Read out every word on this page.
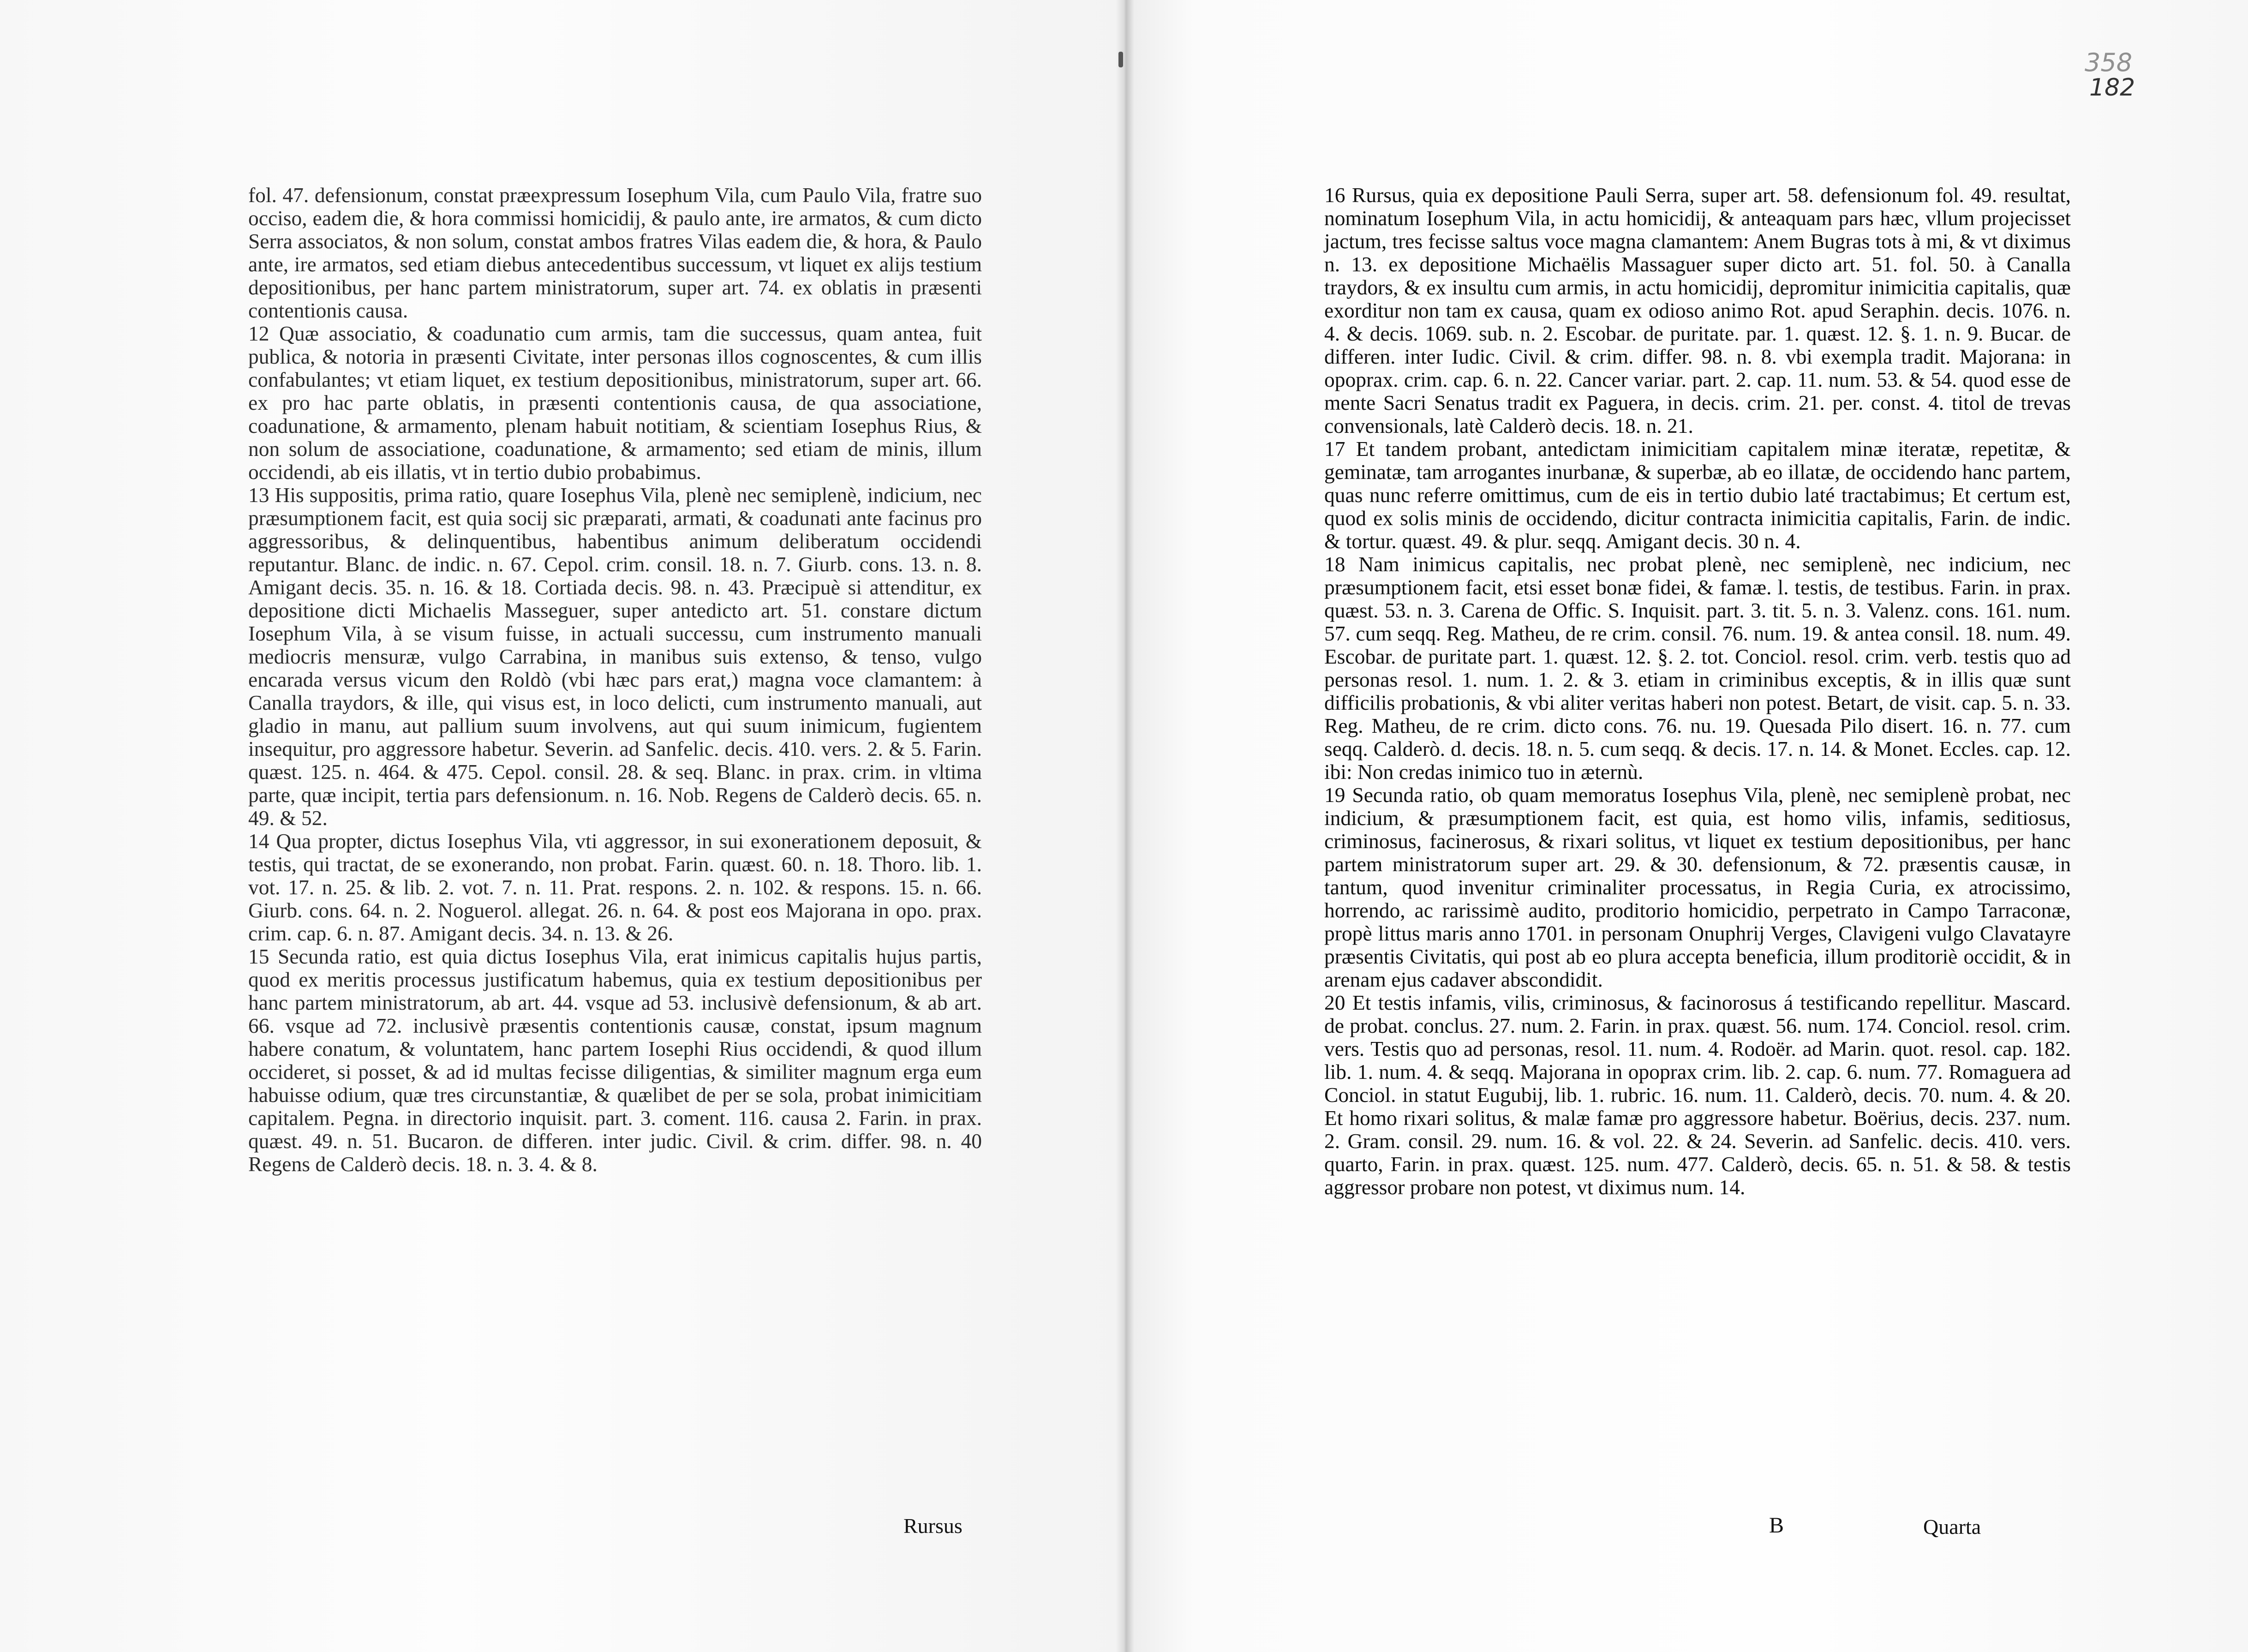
fol. 47. defensionum, constat præexpressum Iosephum Vila, cum Paulo Vila, fratre suo occiso, eadem die, & hora commissi homicidij, & paulo ante, ire armatos, & cum dicto Serra associatos, & non solum, constat ambos fratres Vilas eadem die, & hora, & Paulo ante, ire armatos, sed etiam diebus antecedentibus successum, vt liquet ex alijs testium depositionibus, per hanc partem ministratorum, super art. 74. ex oblatis in præsenti contentionis causa.

12 Quæ associatio, & coadunatio cum armis, tam die successus, quam antea, fuit publica, & notoria in præsenti Civitate, inter personas illos cognoscentes, & cum illis confabulantes; vt etiam liquet, ex testium depositionibus, ministratorum, super art. 66. ex pro hac parte oblatis, in præsenti contentionis causa, de qua associatione, coadunatione, & armamento, plenam habuit notitiam, & scientiam Iosephus Rius, & non solum de associatione, coadunatione, & armamento; sed etiam de minis, illum occidendi, ab eis illatis, vt in tertio dubio probabimus.

13 His suppositis, prima ratio, quare Iosephus Vila, plenè nec semiplenè, indicium, nec præsumptionem facit, est quia socij sic præparati, armati, & coadunati ante facinus pro aggressoribus, & delinquentibus, habentibus animum deliberatum occidendi reputantur. Blanc. de indic. n. 67. Cepol. crim. consil. 18. n. 7. Giurb. cons. 13. n. 8. Amigant decis. 35. n. 16. & 18. Cortiada decis. 98. n. 43. Præcipuè si attenditur, ex depositione dicti Michaelis Masseguer, super antedicto art. 51. constare dictum Iosephum Vila, à se visum fuisse, in actuali successu, cum instrumento manuali mediocris mensuræ, vulgo Carrabina, in manibus suis extenso, & tenso, vulgo encarada versus vicum den Roldò (vbi hæc pars erat,) magna voce clamantem: à Canalla traydors, & ille, qui visus est, in loco delicti, cum instrumento manuali, aut gladio in manu, aut pallium suum involvens, aut qui suum inimicum, fugientem insequitur, pro aggressore habetur. Severin. ad Sanfelic. decis. 410. vers. 2. & 5. Farin. quæst. 125. n. 464. & 475. Cepol. consil. 28. & seq. Blanc. in prax. crim. in vltima parte, quæ incipit, tertia pars defensionum. n. 16. Nob. Regens de Calderò decis. 65. n. 49. & 52.

14 Qua propter, dictus Iosephus Vila, vti aggressor, in sui exonerationem deposuit, & testis, qui tractat, de se exonerando, non probat. Farin. quæst. 60. n. 18. Thoro. lib. 1. vot. 17. n. 25. & lib. 2. vot. 7. n. 11. Prat. respons. 2. n. 102. & respons. 15. n. 66. Giurb. cons. 64. n. 2. Noguerol. allegat. 26. n. 64. & post eos Majorana in opo. prax. crim. cap. 6. n. 87. Amigant decis. 34. n. 13. & 26.

15 Secunda ratio, est quia dictus Iosephus Vila, erat inimicus capitalis hujus partis, quod ex meritis processus justificatum habemus, quia ex testium depositionibus per hanc partem ministratorum, ab art. 44. vsque ad 53. inclusivè defensionum, & ab art. 66. vsque ad 72. inclusivè præsentis contentionis causæ, constat, ipsum magnum habere conatum, & voluntatem, hanc partem Iosephi Rius occidendi, & quod illum occideret, si posset, & ad id multas fecisse diligentias, & similiter magnum erga eum habuisse odium, quæ tres circunstantiæ, & quælibet de per se sola, probat inimicitiam capitalem. Pegna. in directorio inquisit. part. 3. coment. 116. causa 2. Farin. in prax. quæst. 49. n. 51. Bucaron. de differen. inter judic. Civil. & crim. differ. 98. n. 40 Regens de Calderò decis. 18. n. 3. 4. & 8.

Rursus
358
182

16 Rursus, quia ex depositione Pauli Serra, super art. 58. defensionum fol. 49. resultat, nominatum Iosephum Vila, in actu homicidij, & anteaquam pars hæc, vllum projecisset jactum, tres fecisse saltus voce magna clamantem: Anem Bugras tots à mi, & vt diximus n. 13. ex depositione Michaëlis Massaguer super dicto art. 51. fol. 50. à Canalla traydors, & ex insultu cum armis, in actu homicidij, depromitur inimicitia capitalis, quæ exorditur non tam ex causa, quam ex odioso animo Rot. apud Seraphin. decis. 1076. n. 4. & decis. 1069. sub. n. 2. Escobar. de puritate. par. 1. quæst. 12. §. 1. n. 9. Bucar. de differen. inter Iudic. Civil. & crim. differ. 98. n. 8. vbi exempla tradit. Majorana: in opoprax. crim. cap. 6. n. 22. Cancer variar. part. 2. cap. 11. num. 53. & 54. quod esse de mente Sacri Senatus tradit ex Paguera, in decis. crim. 21. per. const. 4. titol de trevas convensionals, latè Calderò decis. 18. n. 21.

17 Et tandem probant, antedictam inimicitiam capitalem minæ iteratæ, repetitæ, & geminatæ, tam arrogantes inurbanæ, & superbæ, ab eo illatæ, de occidendo hanc partem, quas nunc referre omittimus, cum de eis in tertio dubio laté tractabimus; Et certum est, quod ex solis minis de occidendo, dicitur contracta inimicitia capitalis, Farin. de indic. & tortur. quæst. 49. & plur. seqq. Amigant decis. 30 n. 4.

18 Nam inimicus capitalis, nec probat plenè, nec semiplenè, nec indicium, nec præsumptionem facit, etsi esset bonæ fidei, & famæ. l. testis, de testibus. Farin. in prax. quæst. 53. n. 3. Carena de Offic. S. Inquisit. part. 3. tit. 5. n. 3. Valenz. cons. 161. num. 57. cum seqq. Reg. Matheu, de re crim. consil. 76. num. 19. & antea consil. 18. num. 49. Escobar. de puritate part. 1. quæst. 12. §. 2. tot. Conciol. resol. crim. verb. testis quo ad personas resol. 1. num. 1. 2. & 3. etiam in criminibus exceptis, & in illis quæ sunt difficilis probationis, & vbi aliter veritas haberi non potest. Betart, de visit. cap. 5. n. 33. Reg. Matheu, de re crim. dicto cons. 76. nu. 19. Quesada Pilo disert. 16. n. 77. cum seqq. Calderò. d. decis. 18. n. 5. cum seqq. & decis. 17. n. 14. & Monet. Eccles. cap. 12. ibi: Non credas inimico tuo in æternù.

19 Secunda ratio, ob quam memoratus Iosephus Vila, plenè, nec semiplenè probat, nec indicium, & præsumptionem facit, est quia, est homo vilis, infamis, seditiosus, criminosus, facinerosus, & rixari solitus, vt liquet ex testium depositionibus, per hanc partem ministratorum super art. 29. & 30. defensionum, & 72. præsentis causæ, in tantum, quod invenitur criminaliter processatus, in Regia Curia, ex atrocissimo, horrendo, ac rarissimè audito, proditorio homicidio, perpetrato in Campo Tarraconæ, propè littus maris anno 1701. in personam Onuphrij Verges, Clavigeni vulgo Clavatayre præsentis Civitatis, qui post ab eo plura accepta beneficia, illum proditoriè occidit, & in arenam ejus cadaver abscondidit.

20 Et testis infamis, vilis, criminosus, & facinorosus á testificando repellitur. Mascard. de probat. conclus. 27. num. 2. Farin. in prax. quæst. 56. num. 174. Conciol. resol. crim. vers. Testis quo ad personas, resol. 11. num. 4. Rodoër. ad Marin. quot. resol. cap. 182. lib. 1. num. 4. & seqq. Majorana in opoprax crim. lib. 2. cap. 6. num. 77. Romaguera ad Conciol. in statut Eugubij, lib. 1. rubric. 16. num. 11. Calderò, decis. 70. num. 4. & 20. Et homo rixari solitus, & malæ famæ pro aggressore habetur. Boërius, decis. 237. num. 2. Gram. consil. 29. num. 16. & vol. 22. & 24. Severin. ad Sanfelic. decis. 410. vers. quarto, Farin. in prax. quæst. 125. num. 477. Calderò, decis. 65. n. 51. & 58. & testis aggressor probare non potest, vt diximus num. 14.

B	Quarta
